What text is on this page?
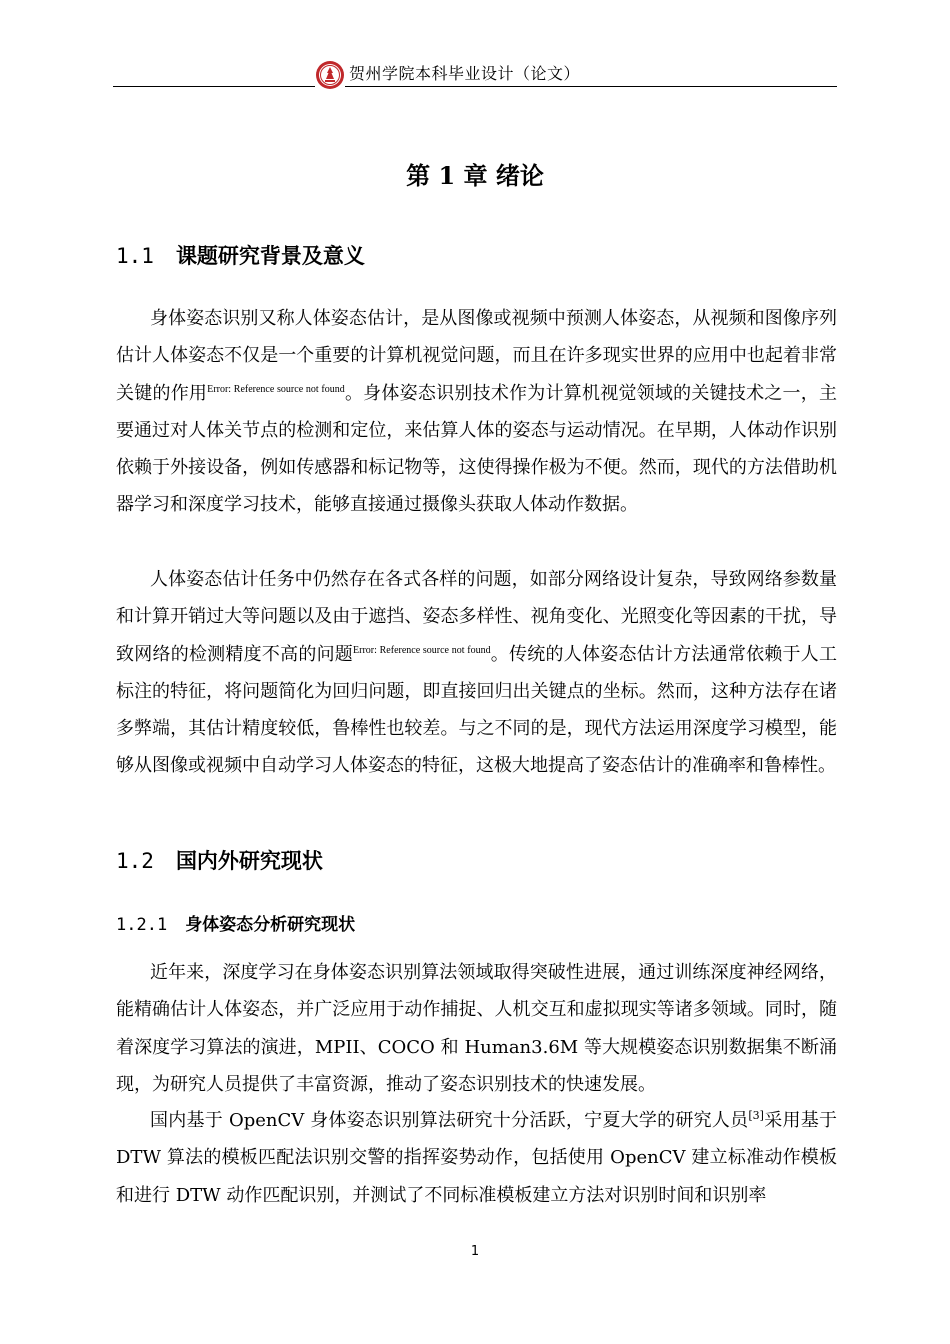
贺州学院本科毕业设计（论文）
第 1 章 绪论
1.1 课题研究背景及意义

身体姿态识别又称人体姿态估计，是从图像或视频中预测人体姿态，从视频和图像序列估计人体姿态不仅是一个重要的计算机视觉问题，而且在许多现实世界的应用中也起着非常关键的作用$^{Error: Reference source not found}$。身体姿态识别技术作为计算机视觉领域的关键技术之一，主要通过对人体关节点的检测和定位，来估算人体的姿态与运动情况。在早期，人体动作识别依赖于外接设备，例如传感器和标记物等，这使得操作极为不便。然而，现代的方法借助机器学习和深度学习技术，能够直接通过摄像头获取人体动作数据。

人体姿态估计任务中仍然存在各式各样的问题，如部分网络设计复杂，导致网络参数量和计算开销过大等问题以及由于遮挡、姿态多样性、视角变化、光照变化等因素的干扰，导致网络的检测精度不高的问题$^{Error: Reference source not found}$。传统的人体姿态估计方法通常依赖于人工标注的特征，将问题简化为回归问题，即直接回归出关键点的坐标。然而，这种方法存在诸多弊端，其估计精度较低，鲁棒性也较差。与之不同的是，现代方法运用深度学习模型，能够从图像或视频中自动学习人体姿态的特征，这极大地提高了姿态估计的准确率和鲁棒性。

1.2 国内外研究现状
1.2.1 身体姿态分析研究现状

近年来，深度学习在身体姿态识别算法领域取得突破性进展，通过训练深度神经网络，能精确估计人体姿态，并广泛应用于动作捕捉、人机交互和虚拟现实等诸多领域。同时，随着深度学习算法的演进，MPII、COCO 和 Human3.6M 等大规模姿态识别数据集不断涌现，为研究人员提供了丰富资源，推动了姿态识别技术的快速发展。

国内基于 OpenCV 身体姿态识别算法研究十分活跃，宁夏大学的研究人员[3]采用基于 DTW 算法的模板匹配法识别交警的指挥姿势动作，包括使用 OpenCV 建立标准动作模板和进行 DTW 动作匹配识别，并测试了不同标准模板建立方法对识别时间和识别率

1
